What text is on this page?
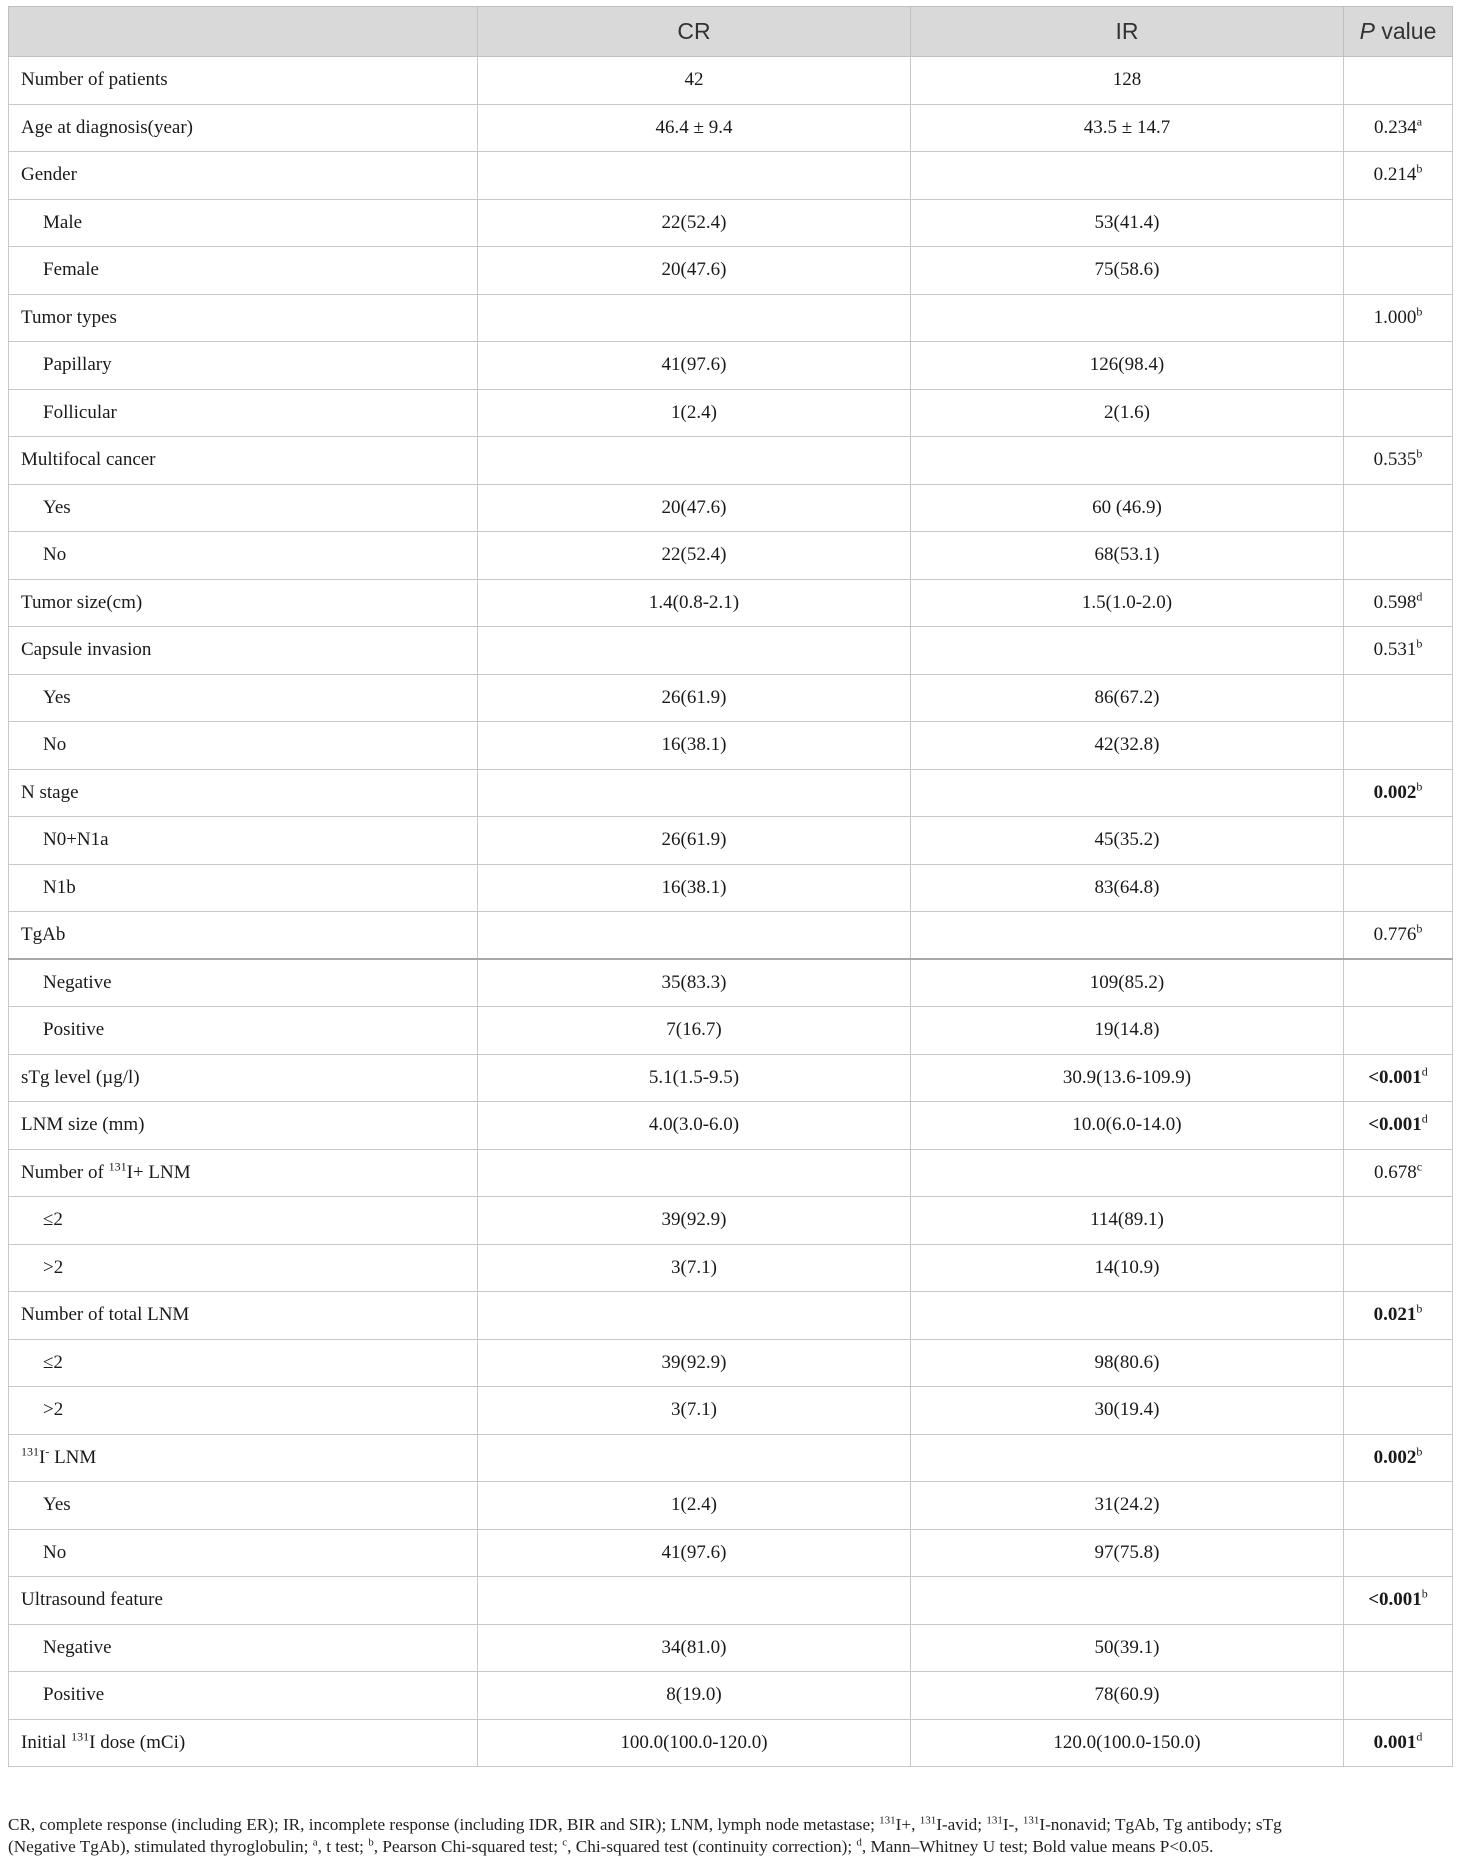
	CR	IR	P value
Number of patients	42	128	
Age at diagnosis(year)	46.4 ± 9.4	43.5 ± 14.7	0.234$^a$
Gender			0.214$^b$
Male	22(52.4)	53(41.4)	
Female	20(47.6)	75(58.6)	
Tumor types			1.000$^b$
Papillary	41(97.6)	126(98.4)	
Follicular	1(2.4)	2(1.6)	
Multifocal cancer			0.535$^b$
Yes	20(47.6)	60 (46.9)	
No	22(52.4)	68(53.1)	
Tumor size(cm)	1.4(0.8-2.1)	1.5(1.0-2.0)	0.598$^d$
Capsule invasion			0.531$^b$
Yes	26(61.9)	86(67.2)	
No	16(38.1)	42(32.8)	
N stage			0.002$^b$
N0+N1a	26(61.9)	45(35.2)	
N1b	16(38.1)	83(64.8)	
TgAb			0.776$^b$
Negative	35(83.3)	109(85.2)	
Positive	7(16.7)	19(14.8)	
sTg level (µg/l)	5.1(1.5-9.5)	30.9(13.6-109.9)	<0.001$^d$
LNM size (mm)	4.0(3.0-6.0)	10.0(6.0-14.0)	<0.001$^d$
Number of $^{131}$I+ LNM			0.678$^c$
≤2	39(92.9)	114(89.1)	
>2	3(7.1)	14(10.9)	
Number of total LNM			0.021$^b$
≤2	39(92.9)	98(80.6)	
>2	3(7.1)	30(19.4)	
$^{131}$I- LNM			0.002$^b$
Yes	1(2.4)	31(24.2)	
No	41(97.6)	97(75.8)	
Ultrasound feature			<0.001$^b$
Negative	34(81.0)	50(39.1)	
Positive	8(19.0)	78(60.9)	
Initial $^{131}$I dose (mCi)	100.0(100.0-120.0)	120.0(100.0-150.0)	0.001$^d$
CR, complete response (including ER); IR, incomplete response (including IDR, BIR and SIR); LNM, lymph node metastase; $^{131}$I+, $^{131}$I-avid; $^{131}$I-, $^{131}$I-nonavid; TgAb, Tg antibody; sTg
(Negative TgAb), stimulated thyroglobulin; $^a$, t test; $^b$, Pearson Chi-squared test; $^c$, Chi-squared test (continuity correction); $^d$, Mann–Whitney U test; Bold value means P<0.05.
